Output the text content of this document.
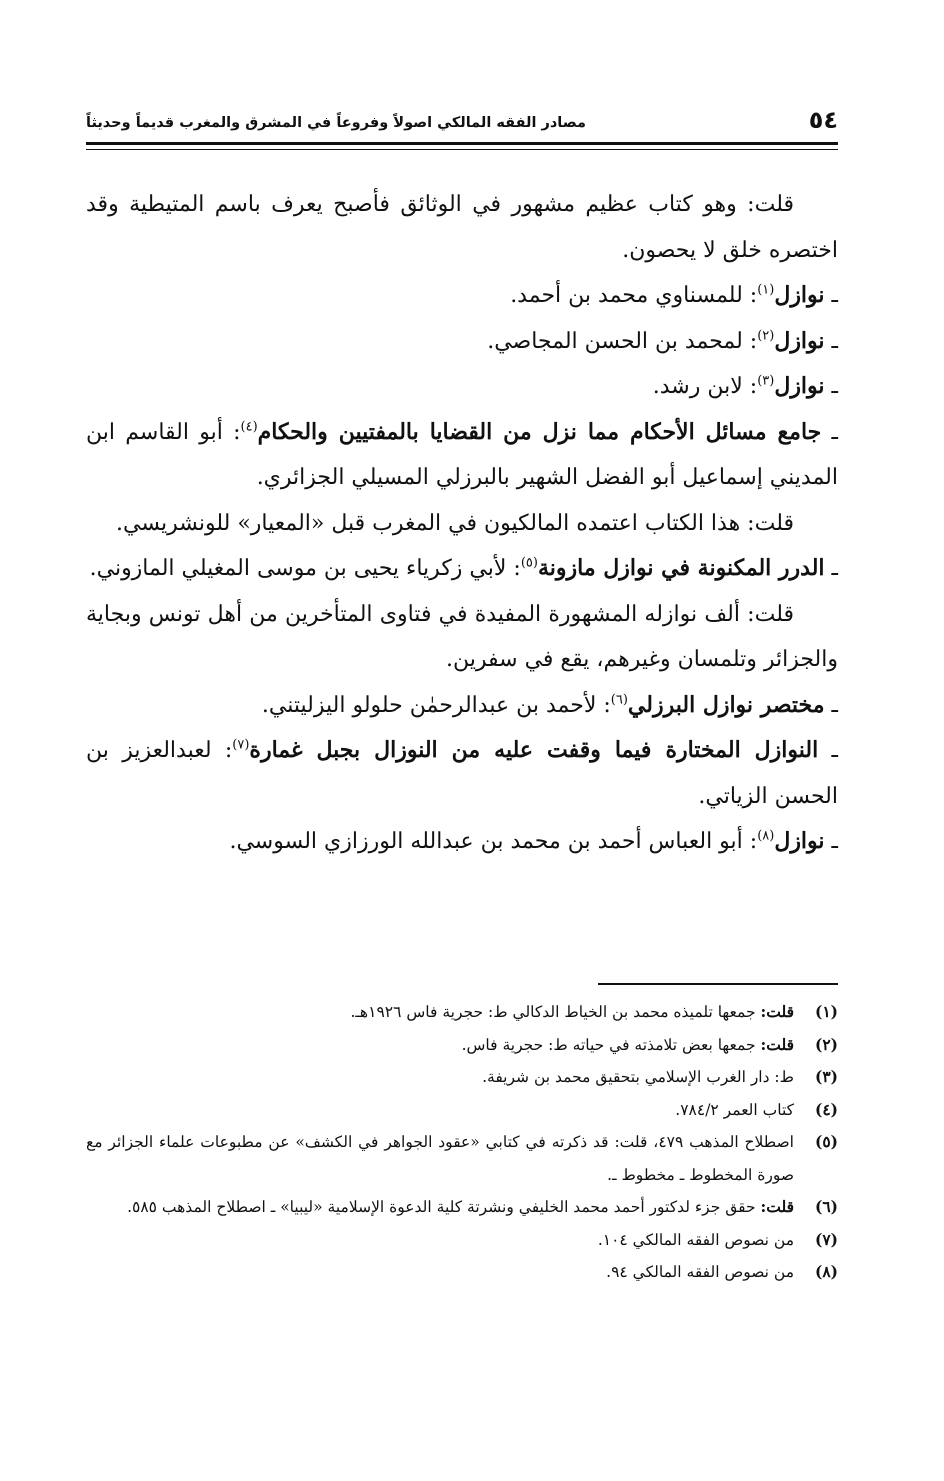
٥٤
مصادر الفقه المالكي اصولاً وفروعاً في المشرق والمغرب قديماً وحديثاً

قلت: وهو كتاب عظيم مشهور في الوثائق فأصبح يعرف باسم المتيطية وقد اختصره خلق لا يحصون.

ـ نوازل$^{(١)}$: للمسناوي محمد بن أحمد.

ـ نوازل$^{(٢)}$: لمحمد بن الحسن المجاصي.

ـ نوازل$^{(٣)}$: لابن رشد.

ـ جامع مسائل الأحكام مما نزل من القضايا بالمفتيين والحكام$^{(٤)}$: أبو القاسم ابن المديني إسماعيل أبو الفضل الشهير بالبرزلي المسيلي الجزائري.

قلت: هذا الكتاب اعتمده المالكيون في المغرب قبل «المعيار» للونشريسي.

ـ الدرر المكنونة في نوازل مازونة$^{(٥)}$: لأبي زكرياء يحيى بن موسى المغيلي المازوني.

قلت: ألف نوازله المشهورة المفيدة في فتاوى المتأخرين من أهل تونس وبجاية والجزائر وتلمسان وغيرهم، يقع في سفرين.

ـ مختصر نوازل البرزلي$^{(٦)}$: لأحمد بن عبدالرحمٰن حلولو اليزليتني.

ـ النوازل المختارة فيما وقفت عليه من النوزال بجبل غمارة$^{(٧)}$: لعبدالعزيز بن الحسن الزياتي.

ـ نوازل$^{(٨)}$: أبو العباس أحمد بن محمد بن عبدالله الورزازي السوسي.

(١)
قلت: جمعها تلميذه محمد بن الخياط الدكالي ط: حجرية فاس ١٩٢٦هـ.
(٢)
قلت: جمعها بعض تلامذته في حياته ط: حجرية فاس.
(٣)
ط: دار الغرب الإسلامي بتحقيق محمد بن شريفة.
(٤)
كتاب العمر ٧٨٤/٢.
(٥)
اصطلاح المذهب ٤٧٩، قلت: قد ذكرته في كتابي «عقود الجواهر في الكشف» عن مطبوعات علماء الجزائر مع صورة المخطوط ـ مخطوط ـ.
(٦)
قلت: حقق جزء لدكتور أحمد محمد الخليفي ونشرتة كلية الدعوة الإسلامية «ليبيا» ـ اصطلاح المذهب ٥٨٥.
(٧)
من نصوص الفقه المالكي ١٠٤.
(٨)
من نصوص الفقه المالكي ٩٤.
